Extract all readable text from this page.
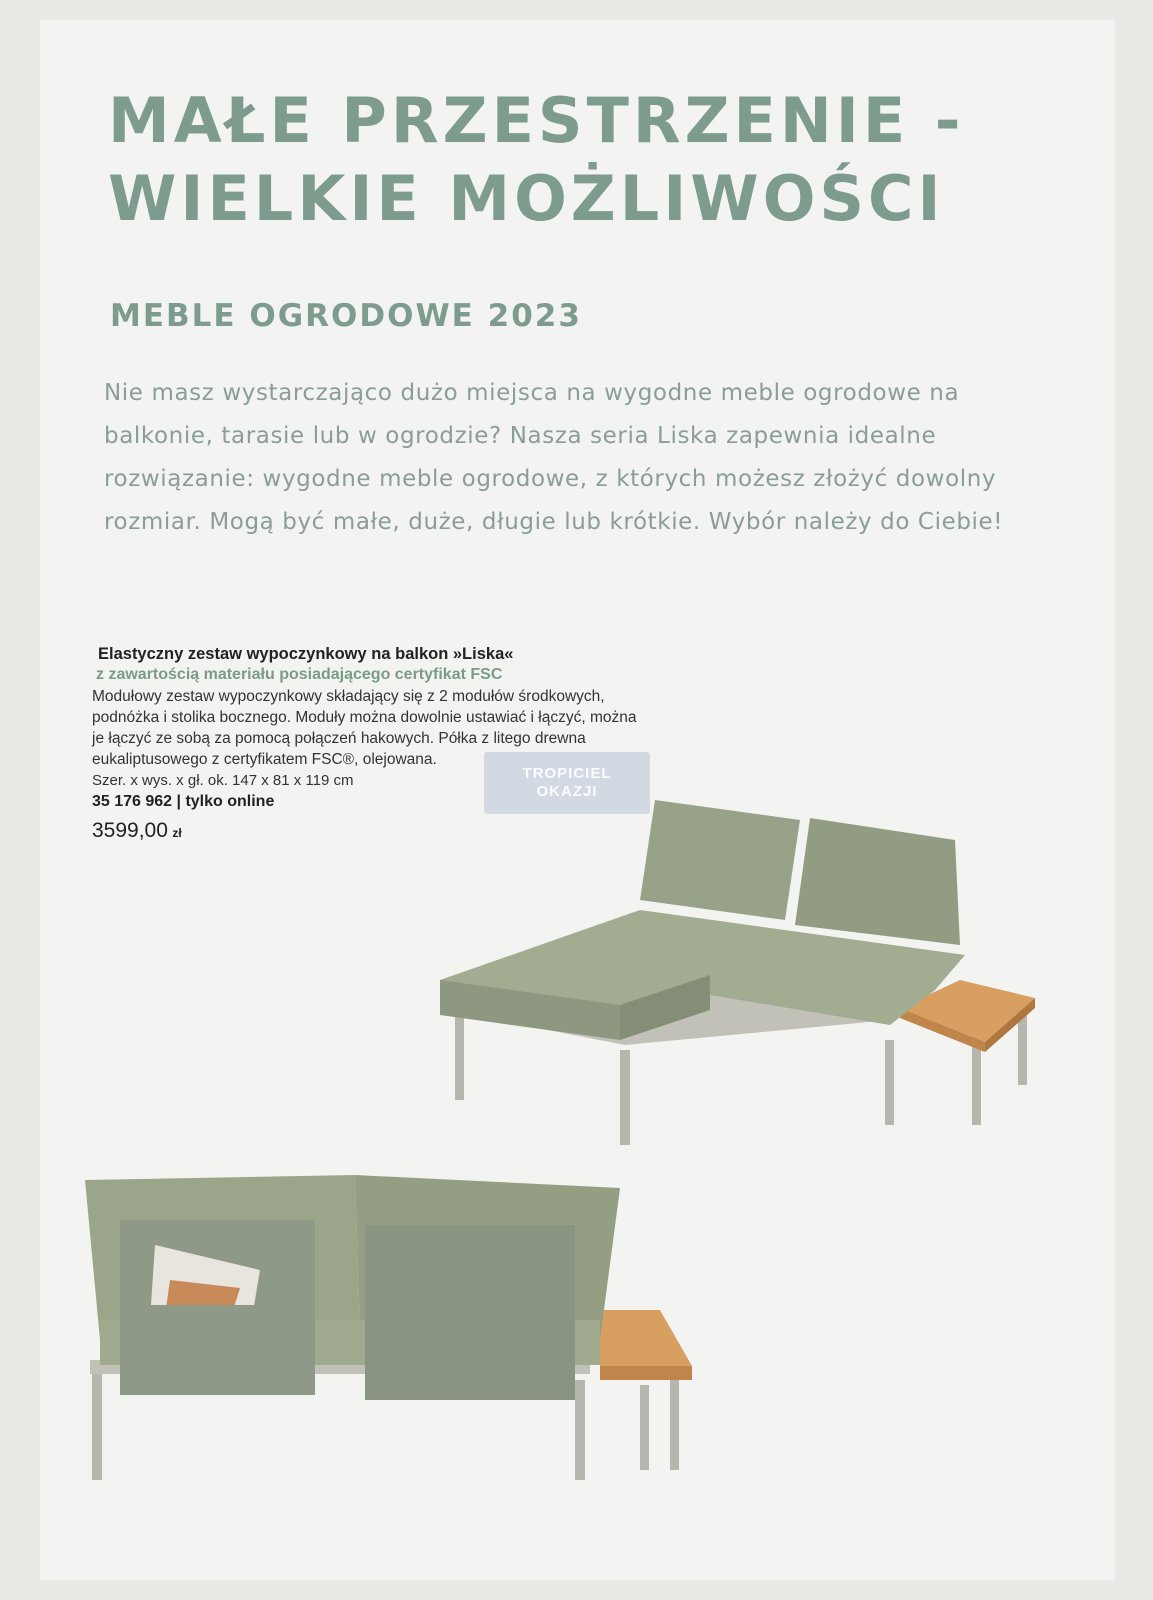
MAŁE PRZESTRZENIE -
WIELKIE MOŻLIWOŚCI
MEBLE OGRODOWE 2023

Nie masz wystarczająco dużo miejsca na wygodne meble ogrodowe na balkonie, tarasie lub w ogrodzie? Nasza seria Liska zapewnia idealne rozwiązanie: wygodne meble ogrodowe, z których możesz złożyć dowolny rozmiar. Mogą być małe, duże, długie lub krótkie. Wybór należy do Ciebie!

Elastyczny zestaw wypoczynkowy na balkon »Liska«

z zawartością materiału posiadającego certyfikat FSC

Modułowy zestaw wypoczynkowy składający się z 2 modułów środkowych, podnóżka i stolika bocznego. Moduły można dowolnie ustawiać i łączyć, można je łączyć ze sobą za pomocą połączeń hakowych. Półka z litego drewna eukaliptusowego z certyfikatem FSC®, olejowana.

Szer. x wys. x gł. ok. 147 x 81 x 119 cm

35 176 962 | tylko online

3599,00 zł

TROPICIEL
OKAZJI
